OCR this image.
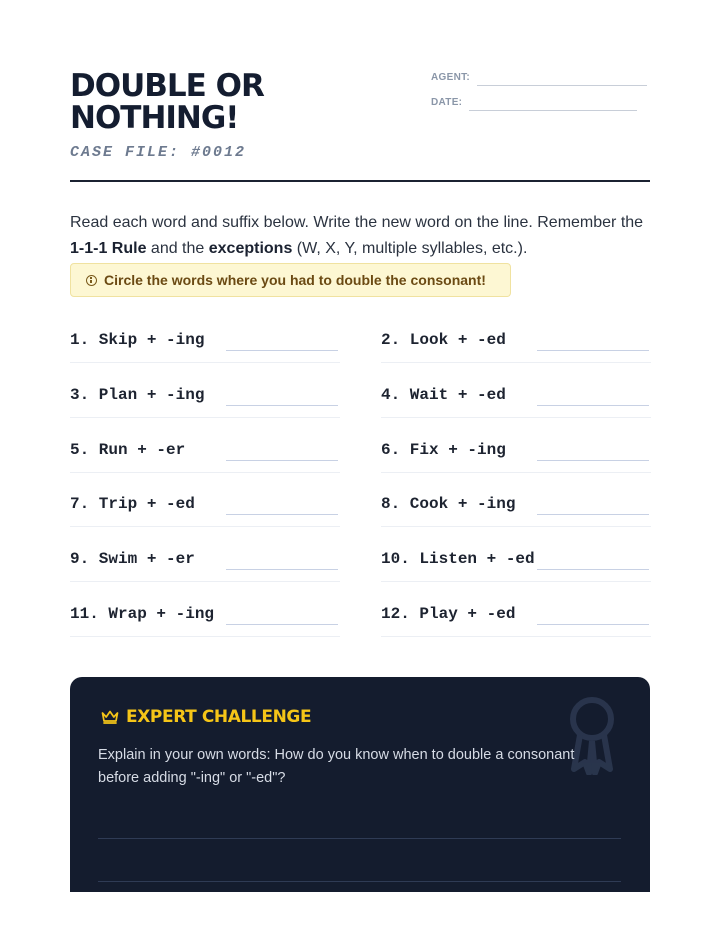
DOUBLE OR
NOTHING!
CASE FILE: #0012
AGENT:
DATE:

Read each word and suffix below. Write the new word on the line. Remember the 1-1-1 Rule and the exceptions (W, X, Y, multiple syllables, etc.).

Circle the words where you had to double the consonant!
1. Skip + -ing	2. Look + -ed
3. Plan + -ing	4. Wait + -ed
5. Run + -er	6. Fix + -ing
7. Trip + -ed	8. Cook + -ing
9. Swim + -er	10. Listen + -ed
11. Wrap + -ing	12. Play + -ed
EXPERT CHALLENGE
Explain in your own words: How do you know when to double a consonant before adding "-ing" or "-ed"?
